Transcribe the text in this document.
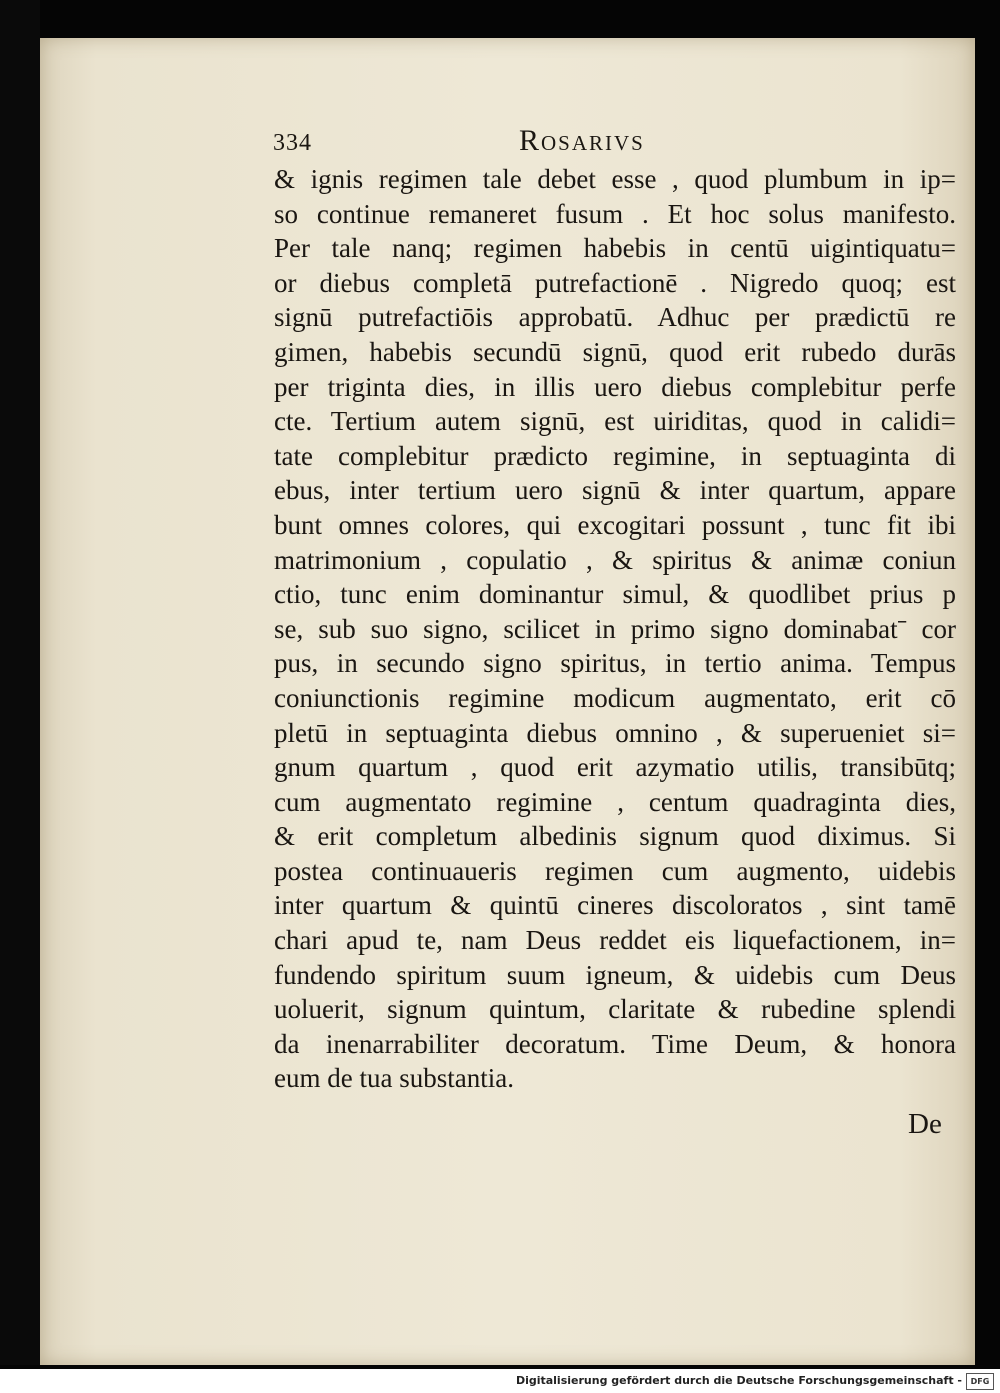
334	Rosarivs
& ignis regimen tale debet esse , quod plumbum in ip=
so continue remaneret fusum . Et hoc solus manifesto.
Per tale nanq; regimen habebis in centū uigintiquatu=
or diebus completā putrefactionē . Nigredo quoq; est
signū putrefactiōis approbatū. Adhuc per prædictū re
gimen, habebis secundū signū, quod erit rubedo durās
per triginta dies, in illis uero diebus complebitur perfe
cte. Tertium autem signū, est uiriditas, quod in calidi=
tate complebitur prædicto regimine, in septuaginta di
ebus, inter tertium uero signū & inter quartum, appare
bunt omnes colores, qui excogitari possunt , tunc fit ibi
matrimonium , copulatio , & spiritus & animæ coniun
ctio, tunc enim dominantur simul, & quodlibet prius p
se, sub suo signo, scilicet in primo signo dominabatˉ cor
pus, in secundo signo spiritus, in tertio anima. Tempus
coniunctionis regimine modicum augmentato, erit cō
pletū in septuaginta diebus omnino , & superueniet si=
gnum quartum , quod erit azymatio utilis, transibūtq;
cum augmentato regimine , centum quadraginta dies,
& erit completum albedinis signum quod diximus. Si
postea continuaueris regimen cum augmento, uidebis
inter quartum & quintū cineres discoloratos , sint tamē
chari apud te, nam Deus reddet eis liquefactionem, in=
fundendo spiritum suum igneum, & uidebis cum Deus
uoluerit, signum quintum, claritate & rubedine splendi
da inenarrabiliter decoratum. Time Deum, & honora
eum de tua substantia.
De
Digitalisierung gefördert durch die Deutsche Forschungsgemeinschaft -	DFG
